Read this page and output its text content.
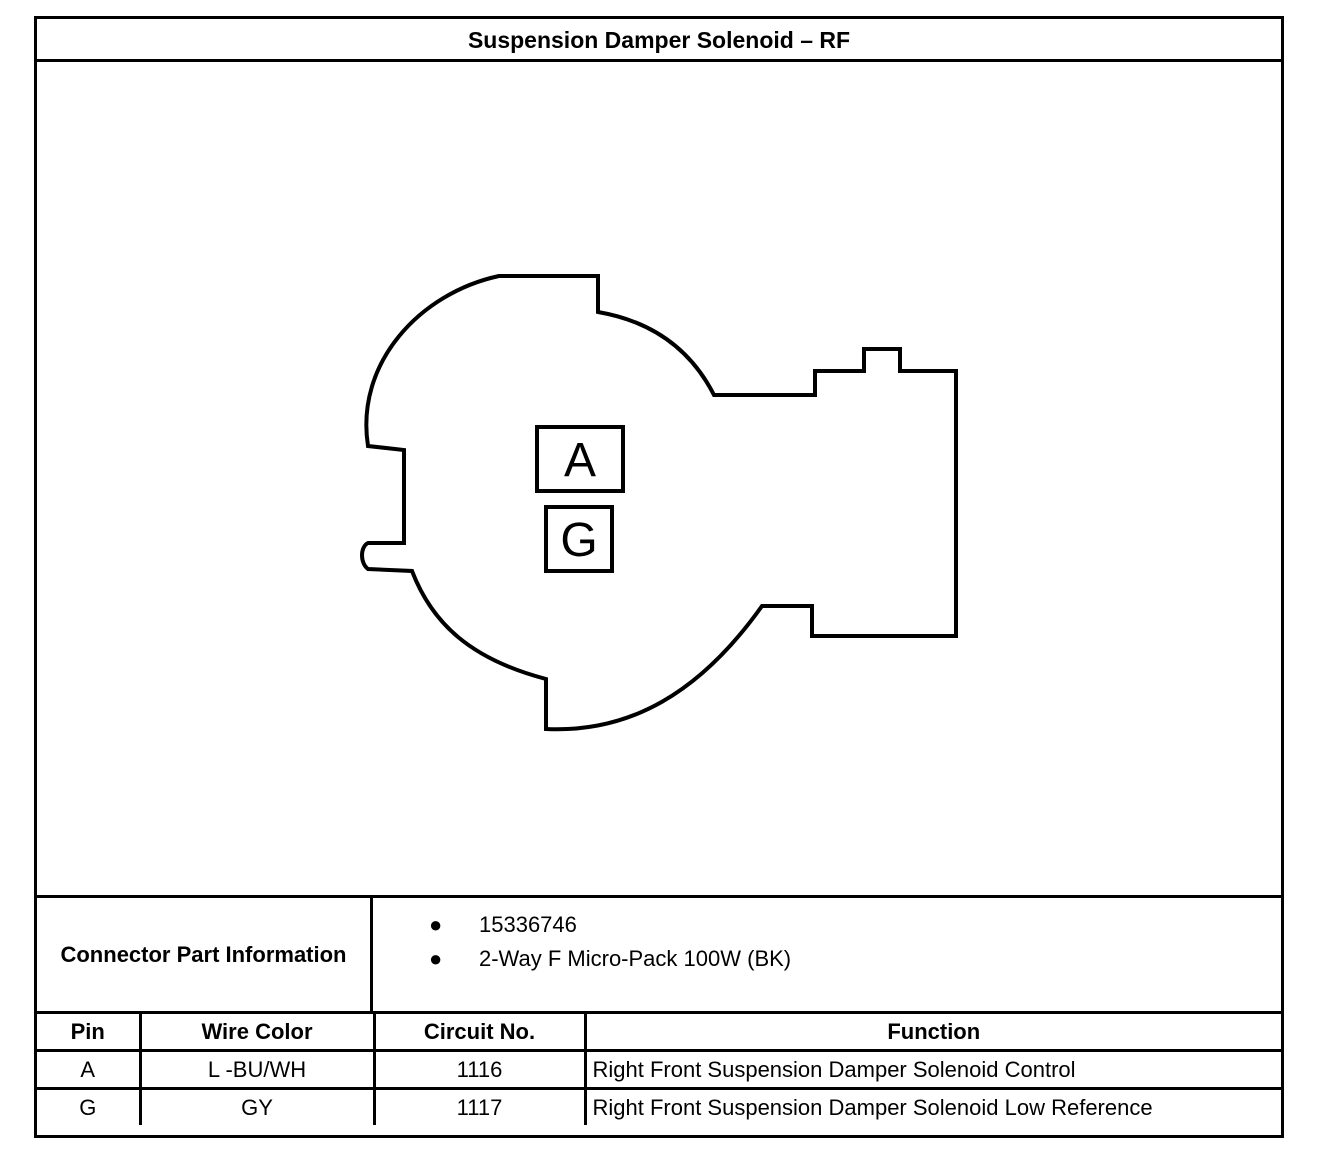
Suspension Damper Solenoid – RF
A
G
Connector Part Information
● 15336746
● 2-Way F Micro-Pack 100W (BK)
Pin	Wire Color	Circuit No.	Function
A	L -BU/WH	1116	Right Front Suspension Damper Solenoid Control
G	GY	1117	Right Front Suspension Damper Solenoid Low Reference
